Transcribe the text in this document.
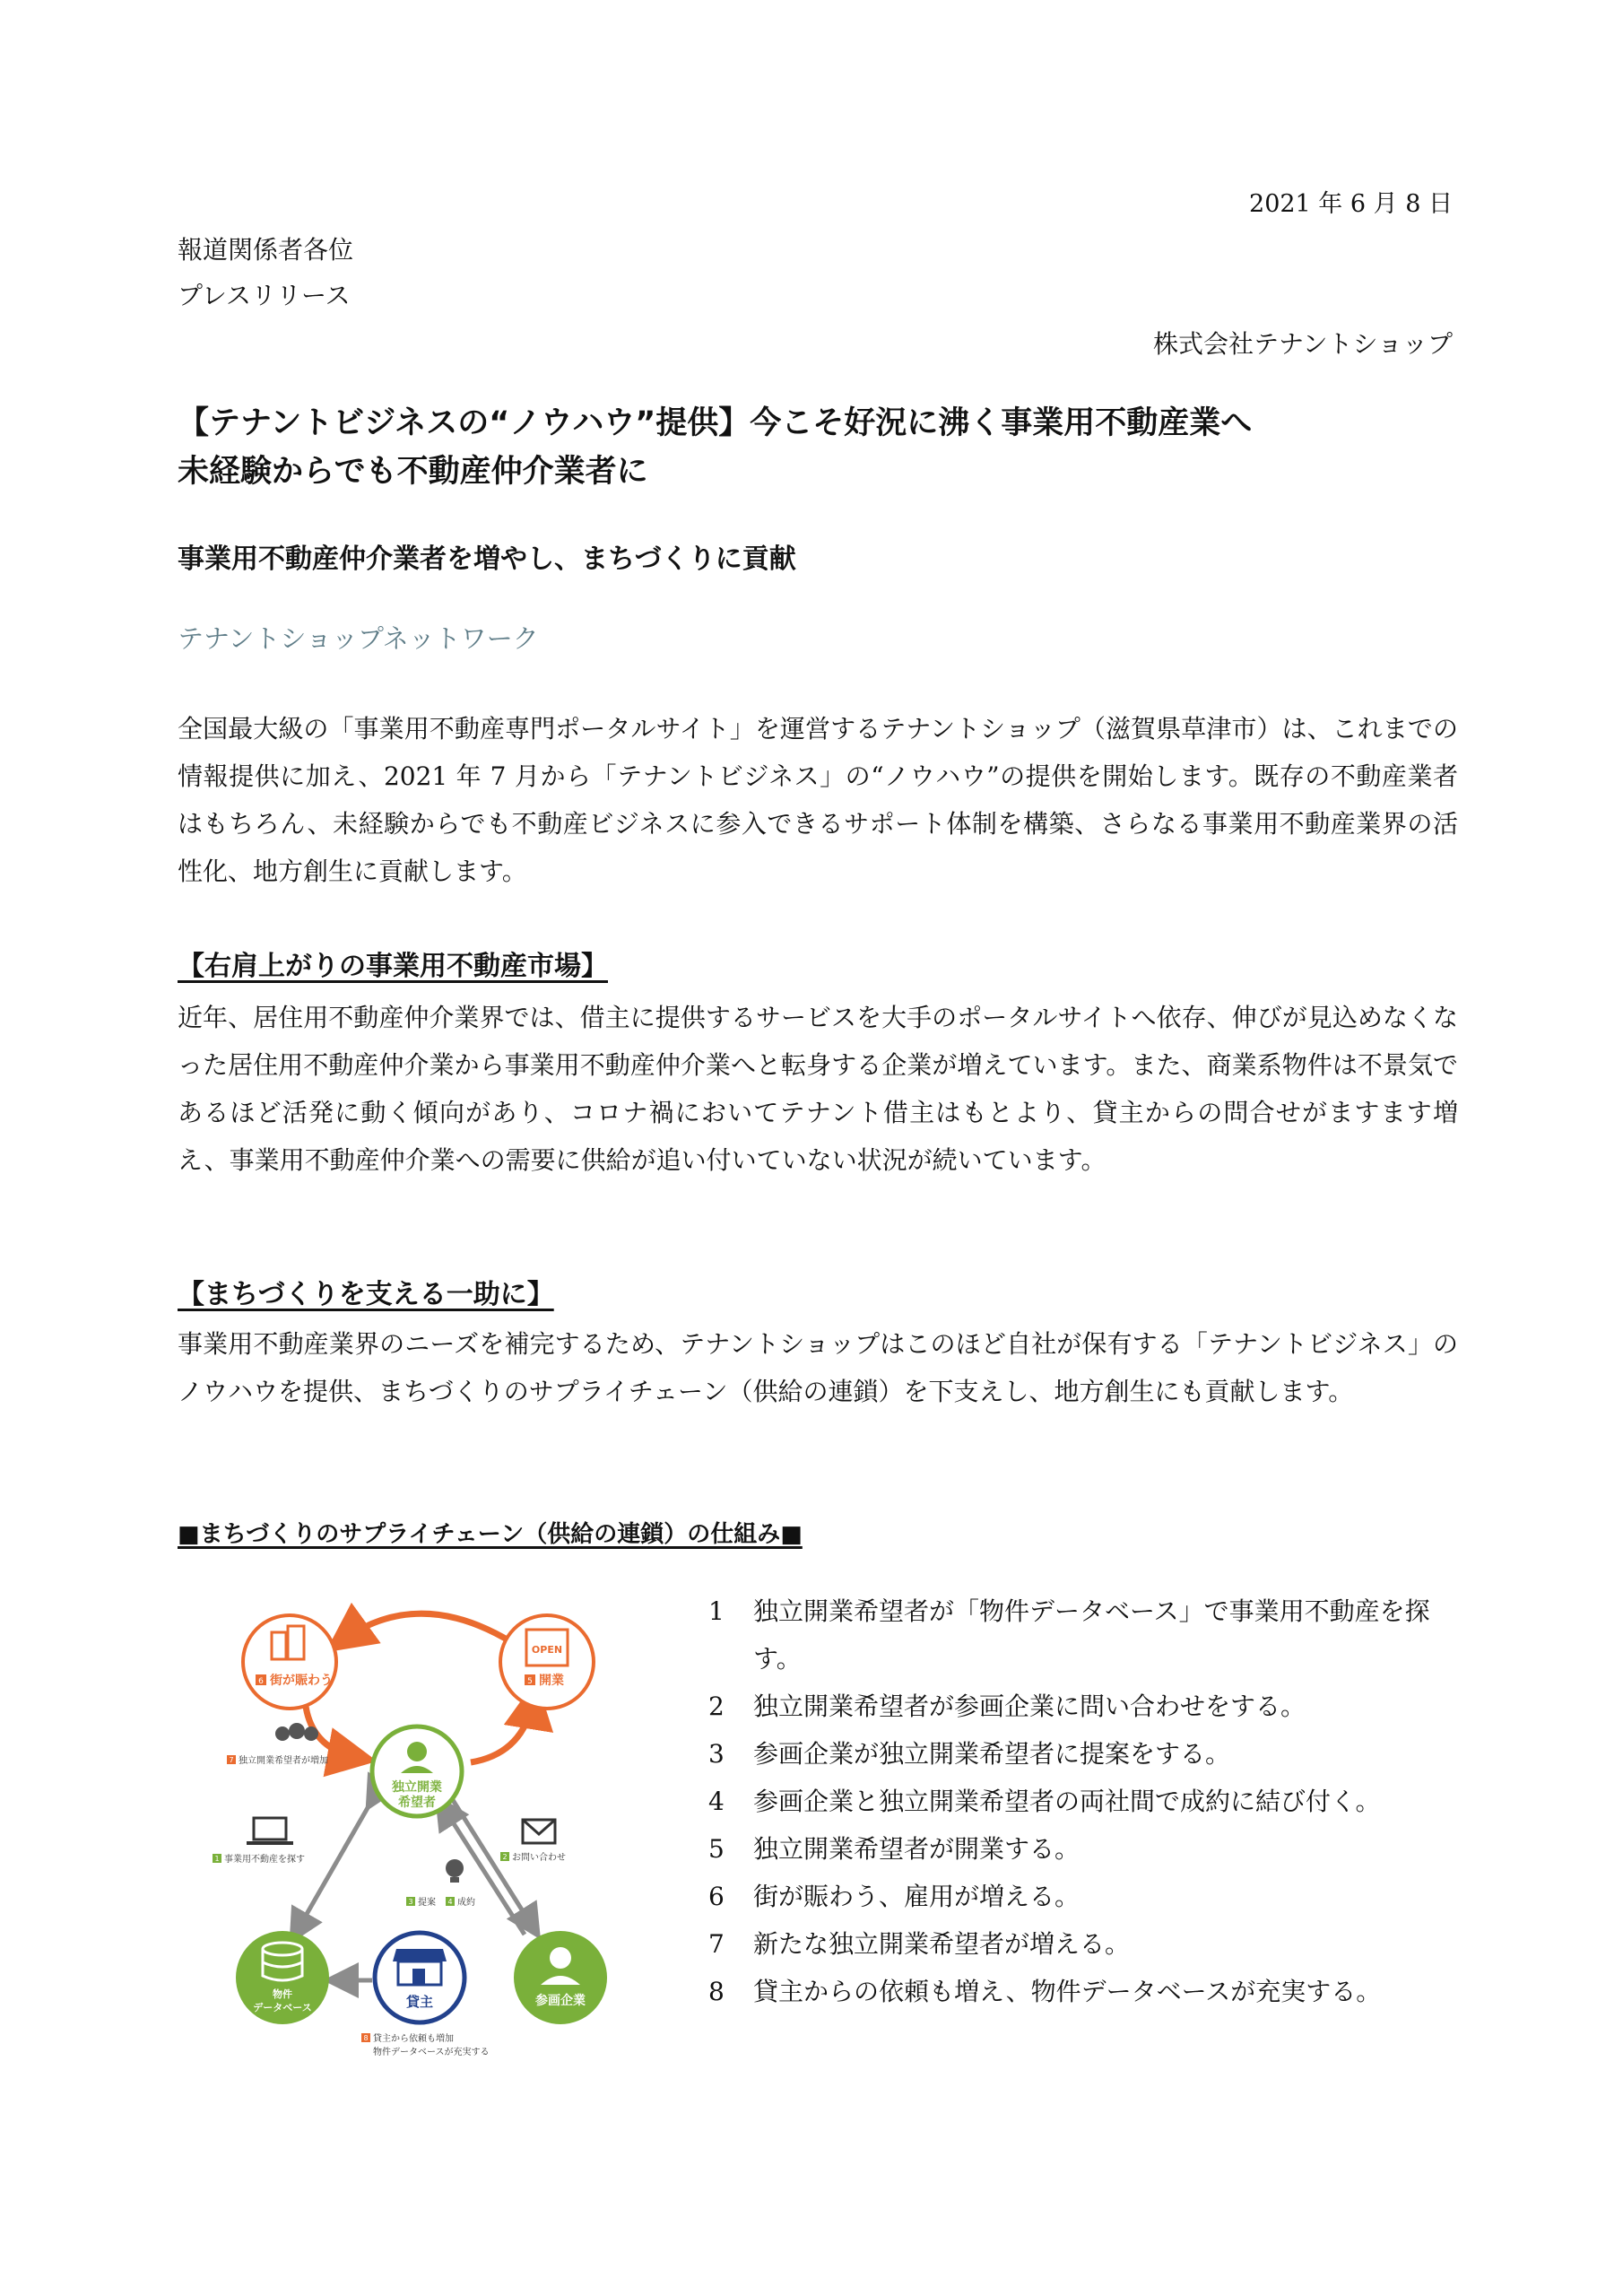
2021 年 6 月 8 日
報道関係者各位
プレスリリース
株式会社テナントショップ
【テナントビジネスの“ノウハウ”提供】今こそ好況に沸く事業用不動産業へ
未経験からでも不動産仲介業者に
事業用不動産仲介業者を増やし、まちづくりに貢献
テナントショップネットワーク
全国最大級の「事業用不動産専門ポータルサイト」を運営するテナントショップ（滋賀県草津市）は、これまでの情報提供に加え、2021 年 7 月から「テナントビジネス」の“ノウハウ”の提供を開始します。既存の不動産業者はもちろん、未経験からでも不動産ビジネスに参入できるサポート体制を構築、さらなる事業用不動産業界の活性化、地方創生に貢献します。
【右肩上がりの事業用不動産市場】
近年、居住用不動産仲介業界では、借主に提供するサービスを大手のポータルサイトへ依存、伸びが見込めなくなった居住用不動産仲介業から事業用不動産仲介業へと転身する企業が増えています。また、商業系物件は不景気であるほど活発に動く傾向があり、コロナ禍においてテナント借主はもとより、貸主からの問合せがますます増え、事業用不動産仲介業への需要に供給が追い付いていない状況が続いています。
【まちづくりを支える一助に】
事業用不動産業界のニーズを補完するため、テナントショップはこのほど自社が保有する「テナントビジネス」のノウハウを提供、まちづくりのサプライチェーン（供給の連鎖）を下支えし、地方創生にも貢献します。
■まちづくりのサプライチェーン（供給の連鎖）の仕組み■
6 街が賑わう
OPEN
5 開業
独立開業
希望者
7 独立開業希望者が増加
1 事業用不動産を探す	2 お問い合わせ
3 提案 4 成約
物件
データベース	貸主	参画企業
8 貸主から依頼も増加
物件データベースが充実する
1	独立開業希望者が「物件データベース」で事業用不動産を探す。
2	独立開業希望者が参画企業に問い合わせをする。
3	参画企業が独立開業希望者に提案をする。
4	参画企業と独立開業希望者の両社間で成約に結び付く。
5	独立開業希望者が開業する。
6	街が賑わう、雇用が増える。
7	新たな独立開業希望者が増える。
8	貸主からの依頼も増え、物件データベースが充実する。
